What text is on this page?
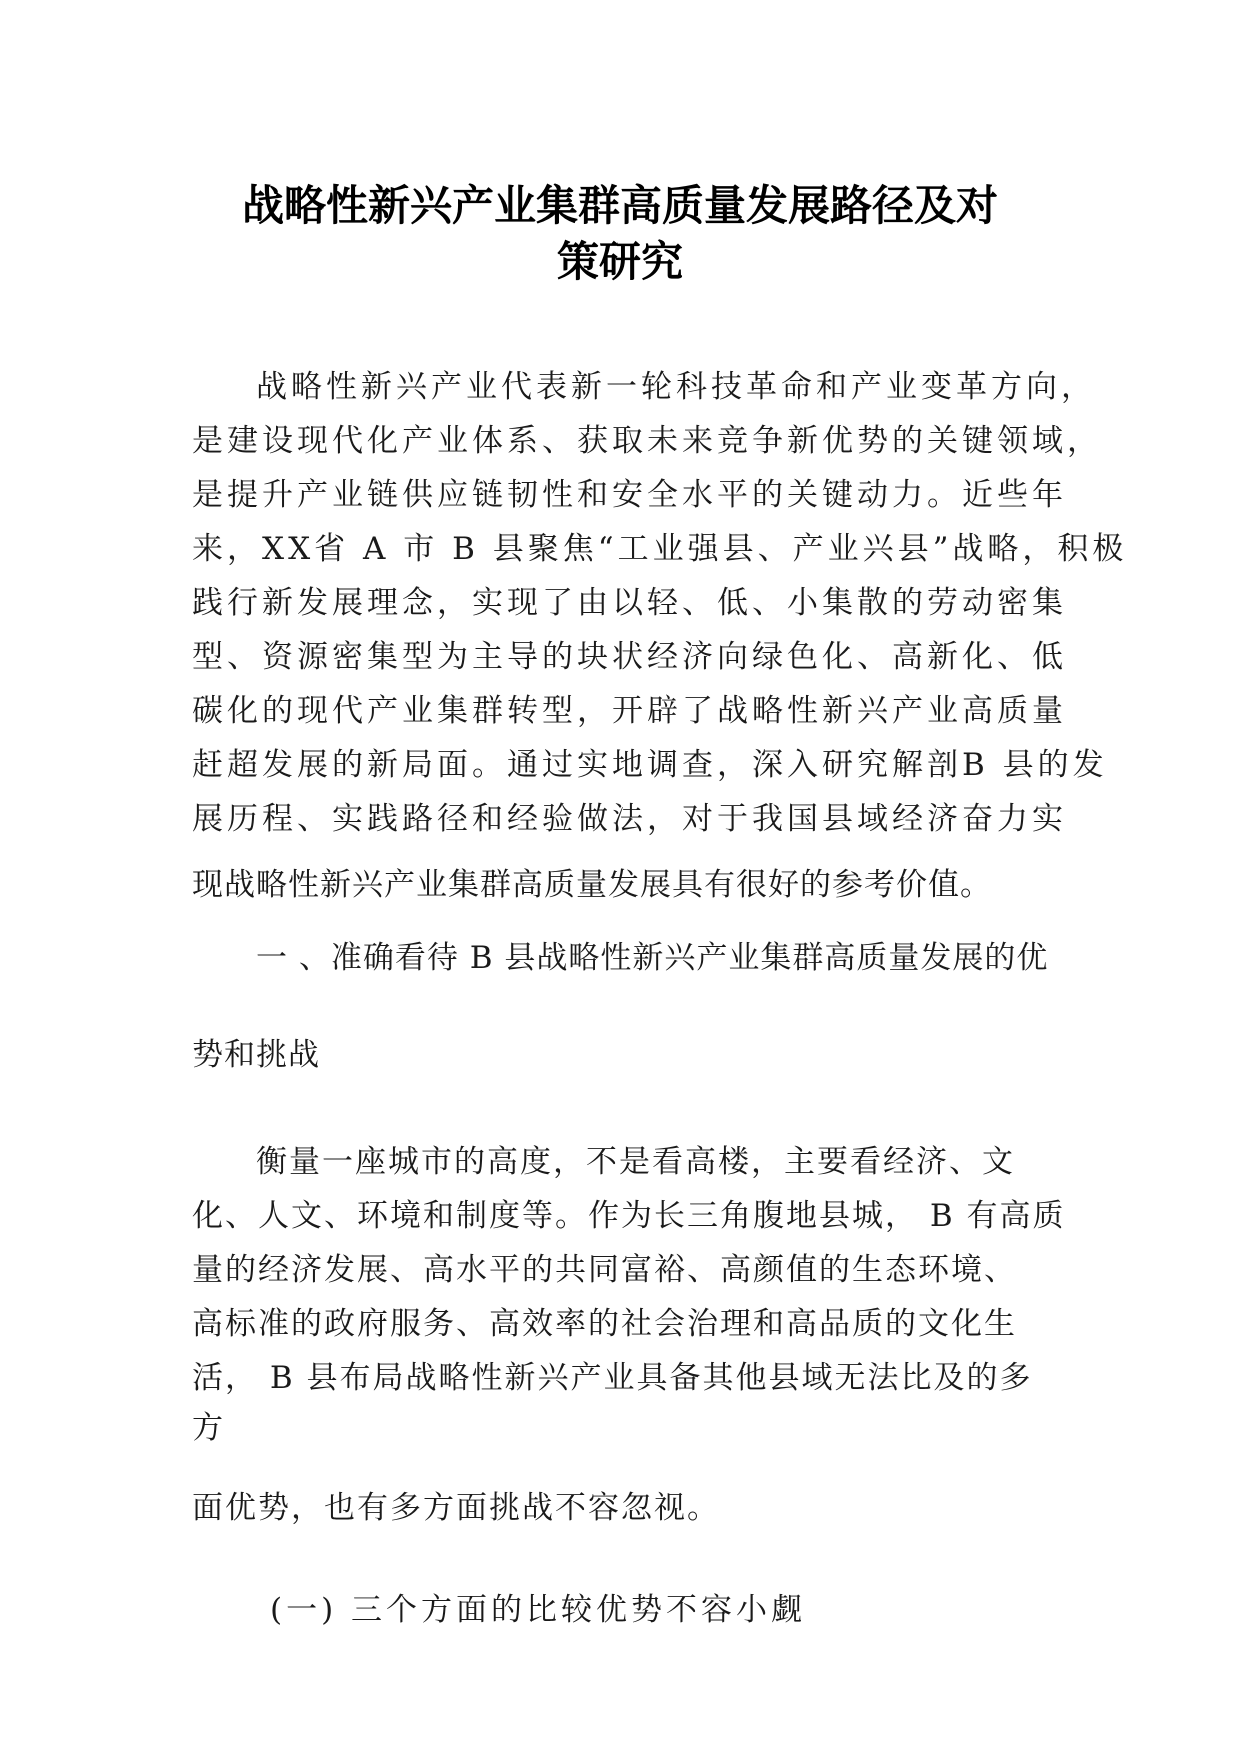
战略性新兴产业集群高质量发展路径及对
策研究
战略性新兴产业代表新一轮科技革命和产业变革方向，
是建设现代化产业体系、获取未来竞争新优势的关键领域，
是提升产业链供应链韧性和安全水平的关键动力。近些年
来，XX省 A 市 B 县聚焦“工业强县、产业兴县”战略，积极
践行新发展理念，实现了由以轻、低、小集散的劳动密集
型、资源密集型为主导的块状经济向绿色化、高新化、低
碳化的现代产业集群转型，开辟了战略性新兴产业高质量
赶超发展的新局面。通过实地调查，深入研究解剖B 县的发
展历程、实践路径和经验做法，对于我国县域经济奋力实
现战略性新兴产业集群高质量发展具有很好的参考价值。
一 、准确看待 B 县战略性新兴产业集群高质量发展的优
势和挑战
衡量一座城市的高度，不是看高楼，主要看经济、文
化、人文、环境和制度等。作为长三角腹地县城， B 有高质
量的经济发展、高水平的共同富裕、高颜值的生态环境、
高标准的政府服务、高效率的社会治理和高品质的文化生
活， B 县布局战略性新兴产业具备其他县域无法比及的多
方
面优势，也有多方面挑战不容忽视。
(一) 三个方面的比较优势不容小觑
